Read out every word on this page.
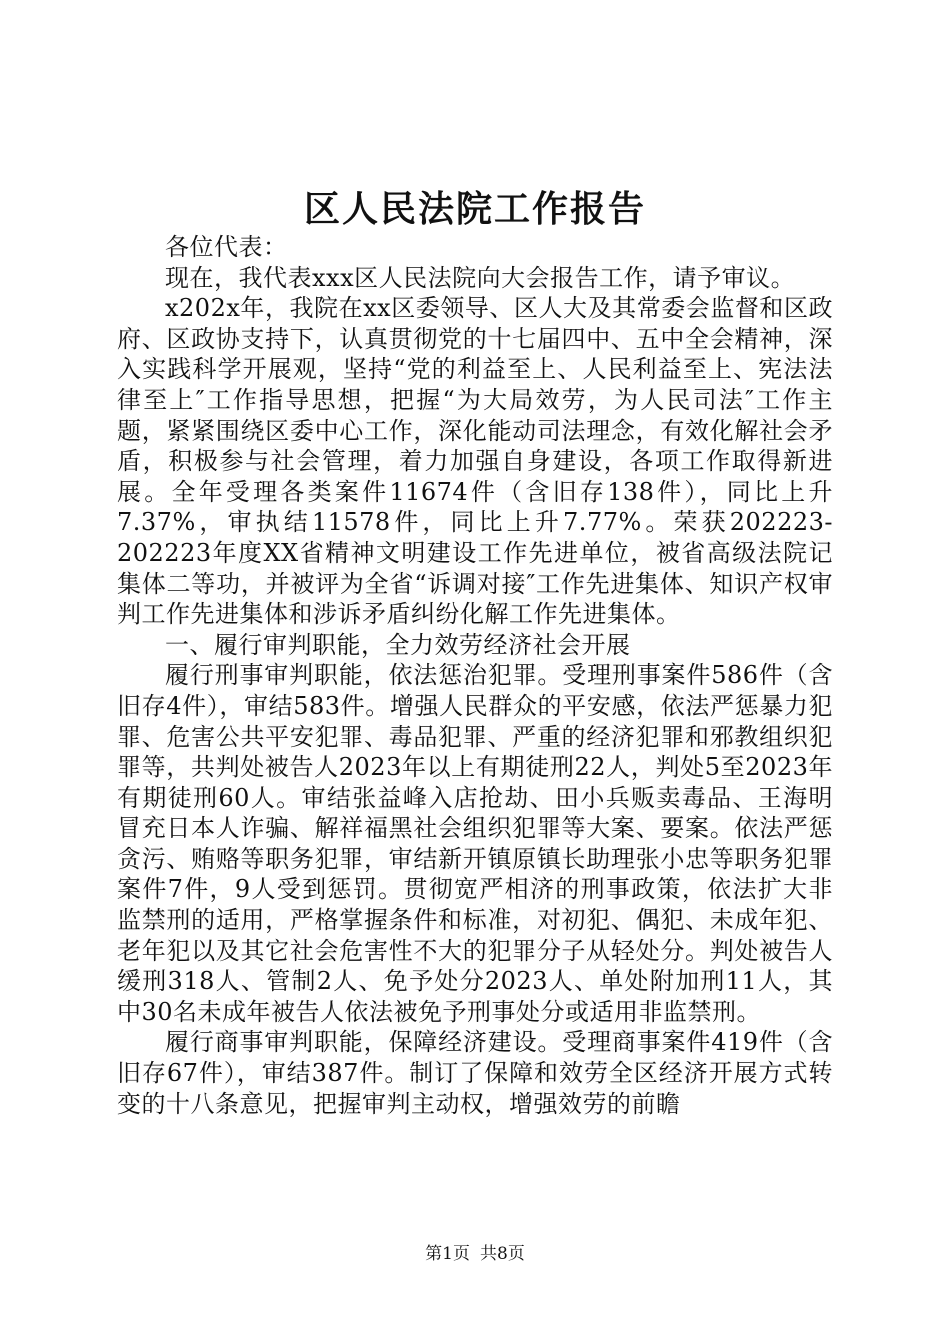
区人民法院工作报告

各位代表：

现在，我代表xxx区人民法院向大会报告工作，请予审议。

x202x年，我院在xx区委领导、区人大及其常委会监督和区政府、区政协支持下，认真贯彻党的十七届四中、五中全会精神，深入实践科学开展观，坚持“党的利益至上、人民利益至上、宪法法律至上″工作指导思想，把握“为大局效劳，为人民司法″工作主题，紧紧围绕区委中心工作，深化能动司法理念，有效化解社会矛盾，积极参与社会管理，着力加强自身建设，各项工作取得新进展。全年受理各类案件11674件（含旧存138件），同比上升7.37%，审执结11578件，同比上升7.77%。荣获202223-202223年度XX省精神文明建设工作先进单位，被省高级法院记集体二等功，并被评为全省“诉调对接″工作先进集体、知识产权审判工作先进集体和涉诉矛盾纠纷化解工作先进集体。

一、履行审判职能，全力效劳经济社会开展

履行刑事审判职能，依法惩治犯罪。受理刑事案件586件（含旧存4件），审结583件。增强人民群众的平安感，依法严惩暴力犯罪、危害公共平安犯罪、毒品犯罪、严重的经济犯罪和邪教组织犯罪等，共判处被告人2023年以上有期徒刑22人，判处5至2023年有期徒刑60人。审结张益峰入店抢劫、田小兵贩卖毒品、王海明冒充日本人诈骗、解祥福黑社会组织犯罪等大案、要案。依法严惩贪污、贿赂等职务犯罪，审结新开镇原镇长助理张小忠等职务犯罪案件7件，9人受到惩罚。贯彻宽严相济的刑事政策，依法扩大非监禁刑的适用，严格掌握条件和标准，对初犯、偶犯、未成年犯、老年犯以及其它社会危害性不大的犯罪分子从轻处分。判处被告人缓刑318人、管制2人、免予处分2023人、单处附加刑11人，其中30名未成年被告人依法被免予刑事处分或适用非监禁刑。

履行商事审判职能，保障经济建设。受理商事案件419件（含旧存67件），审结387件。制订了保障和效劳全区经济开展方式转变的十八条意见，把握审判主动权，增强效劳的前瞻

第1页 共8页
